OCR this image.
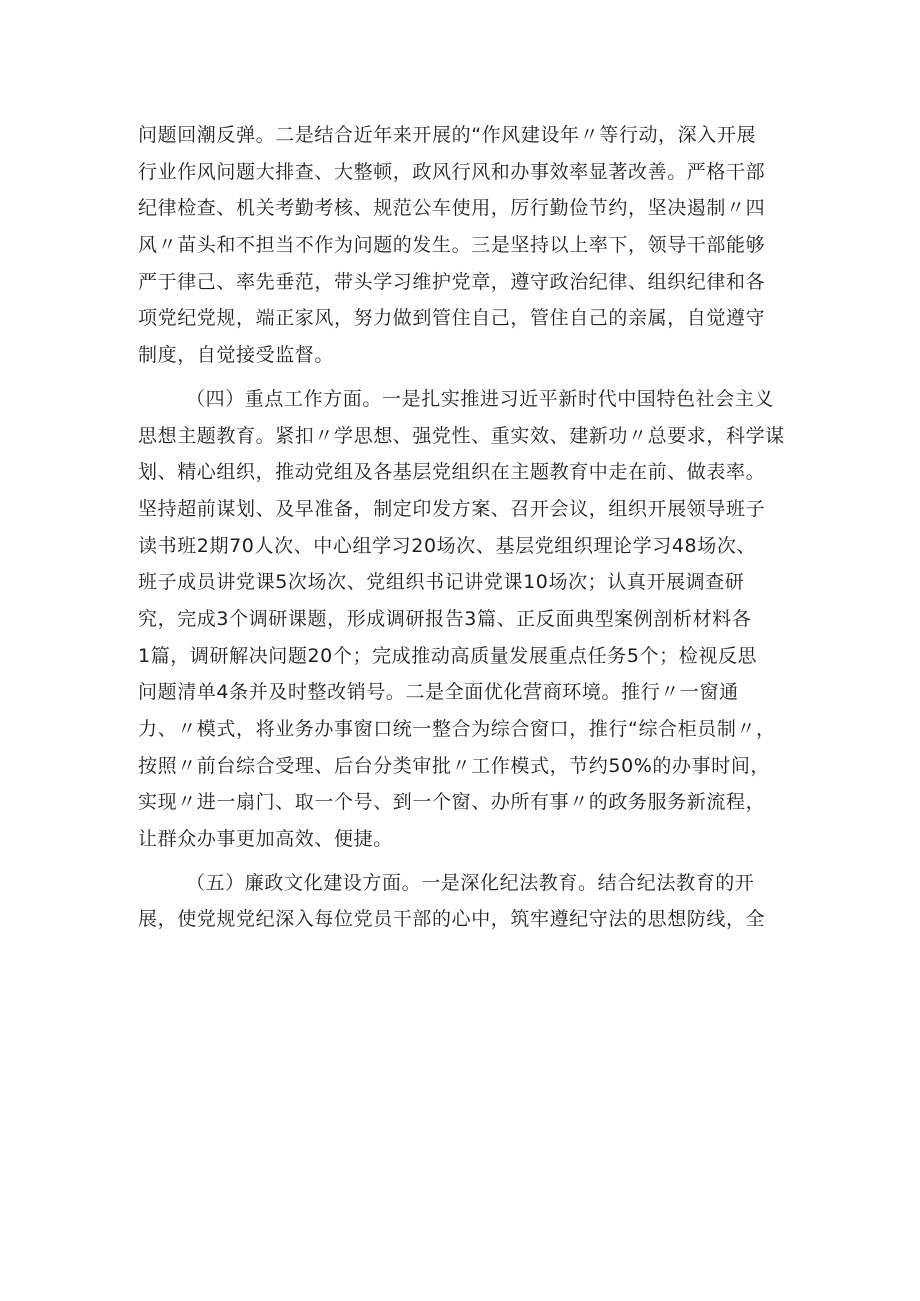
问题回潮反弹。二是结合近年来开展的“作风建设年〃等行动，深入开展
行业作风问题大排查、大整顿，政风行风和办事效率显著改善。严格干部
纪律检查、机关考勤考核、规范公车使用，厉行勤俭节约，坚决遏制〃四
风〃苗头和不担当不作为问题的发生。三是坚持以上率下，领导干部能够
严于律己、率先垂范，带头学习维护党章，遵守政治纪律、组织纪律和各
项党纪党规，端正家风，努力做到管住自己，管住自己的亲属，自觉遵守
制度，自觉接受监督。
（四）重点工作方面。一是扎实推进习近平新时代中国特色社会主义
思想主题教育。紧扣〃学思想、强党性、重实效、建新功〃总要求，科学谋
划、精心组织，推动党组及各基层党组织在主题教育中走在前、做表率。
坚持超前谋划、及早准备，制定印发方案、召开会议，组织开展领导班子
读书班2期70人次、中心组学习20场次、基层党组织理论学习48场次、
班子成员讲党课5次场次、党组织书记讲党课10场次；认真开展调查研
究，完成3个调研课题，形成调研报告3篇、正反面典型案例剖析材料各
1篇，调研解决问题20个；完成推动高质量发展重点任务5个；检视反思
问题清单4条并及时整改销号。二是全面优化营商环境。推行〃一窗通
力、〃模式，将业务办事窗口统一整合为综合窗口，推行“综合柜员制〃，
按照〃前台综合受理、后台分类审批〃工作模式，节约50%的办事时间，
实现〃进一扇门、取一个号、到一个窗、办所有事〃的政务服务新流程，
让群众办事更加高效、便捷。
（五）廉政文化建设方面。一是深化纪法教育。结合纪法教育的开
展，使党规党纪深入每位党员干部的心中，筑牢遵纪守法的思想防线，全
